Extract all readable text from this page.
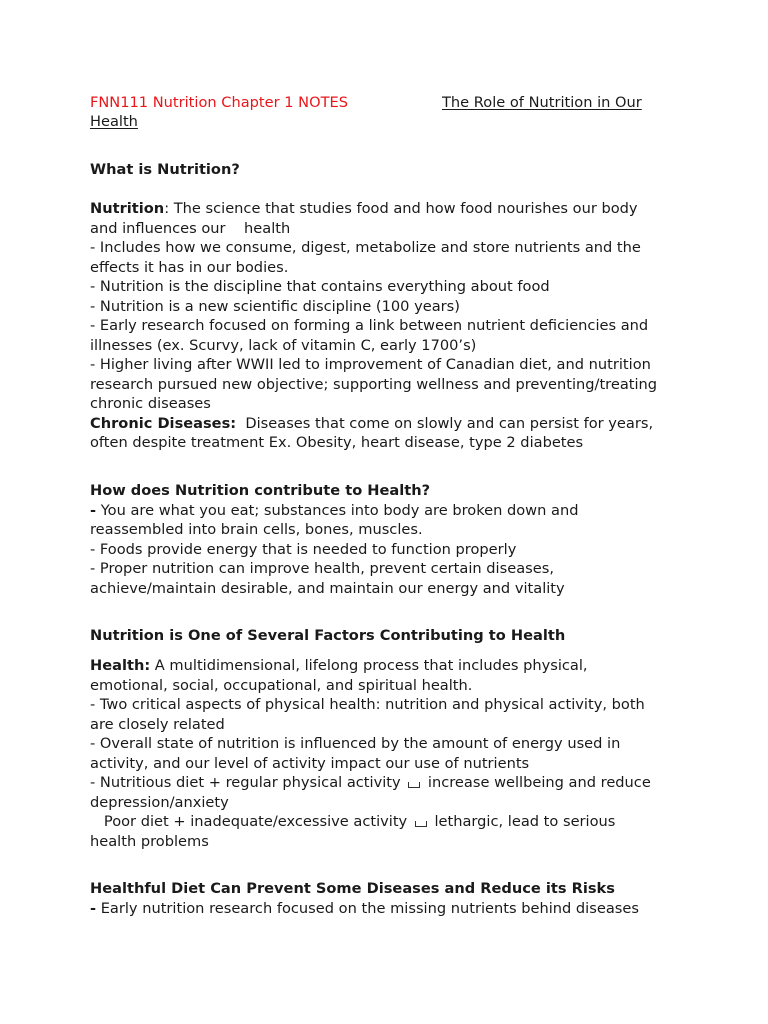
FNN111 Nutrition Chapter 1 NOTES	The Role of Nutrition in Our
Health
What is Nutrition?
Nutrition: The science that studies food and how food nourishes our body
and influences our    health
- Includes how we consume, digest, metabolize and store nutrients and the
effects it has in our bodies.
- Nutrition is the discipline that contains everything about food
- Nutrition is a new scientific discipline (100 years)
- Early research focused on forming a link between nutrient deficiencies and
illnesses (ex. Scurvy, lack of vitamin C, early 1700’s)
- Higher living after WWII led to improvement of Canadian diet, and nutrition
research pursued new objective; supporting wellness and preventing/treating
chronic diseases
Chronic Diseases:  Diseases that come on slowly and can persist for years,
often despite treatment Ex. Obesity, heart disease, type 2 diabetes
How does Nutrition contribute to Health?
- You are what you eat; substances into body are broken down and
reassembled into brain cells, bones, muscles.
- Foods provide energy that is needed to function properly
- Proper nutrition can improve health, prevent certain diseases,
achieve/maintain desirable, and maintain our energy and vitality
Nutrition is One of Several Factors Contributing to Health
Health: A multidimensional, lifelong process that includes physical,
emotional, social, occupational, and spiritual health.
- Two critical aspects of physical health: nutrition and physical activity, both
are closely related
- Overall state of nutrition is influenced by the amount of energy used in
activity, and our level of activity impact our use of nutrients
- Nutritious diet + regular physical activity  increase wellbeing and reduce
depression/anxiety
Poor diet + inadequate/excessive activity  lethargic, lead to serious
health problems
Healthful Diet Can Prevent Some Diseases and Reduce its Risks
- Early nutrition research focused on the missing nutrients behind diseases
